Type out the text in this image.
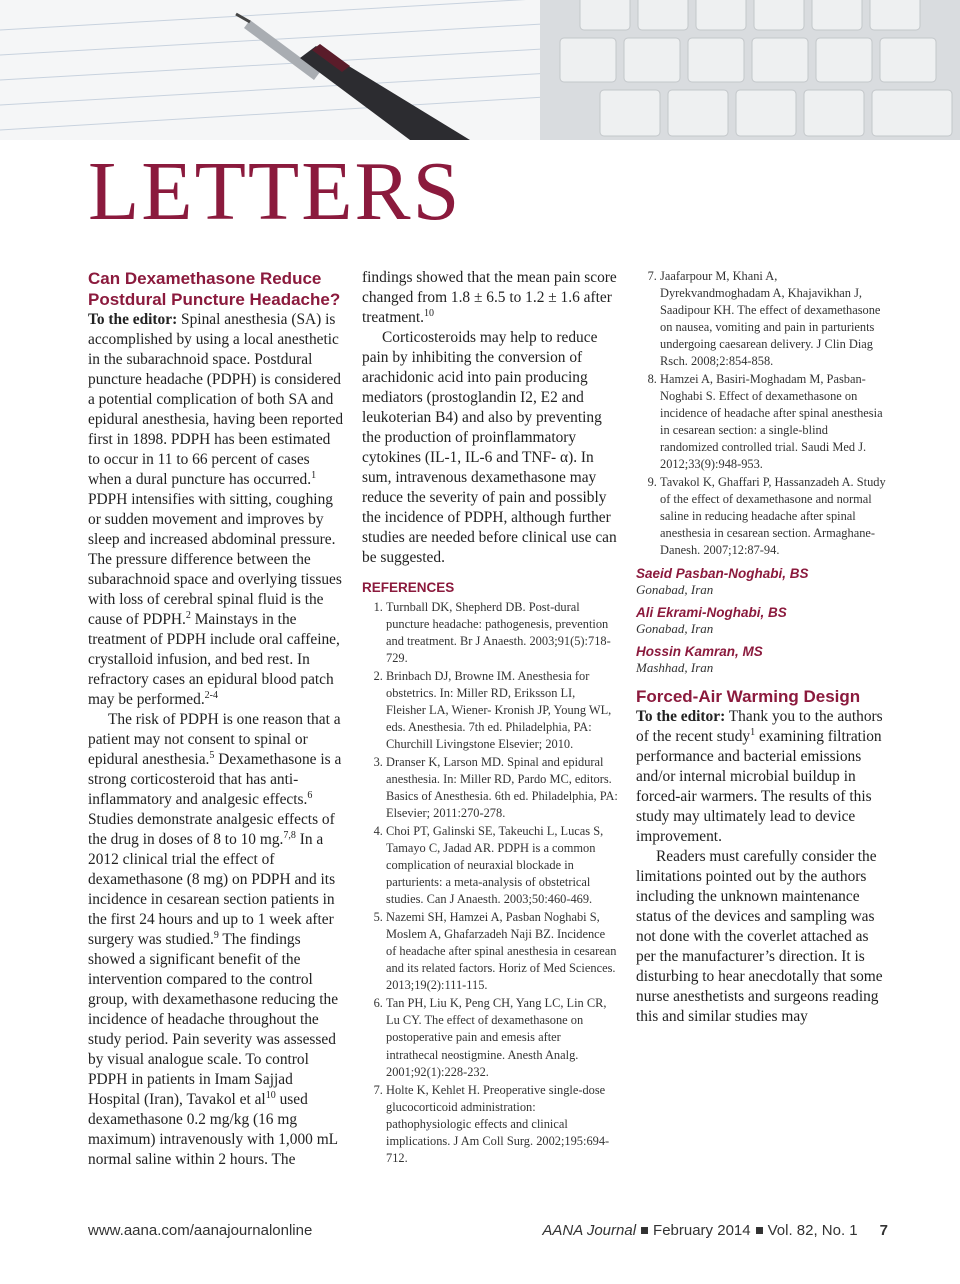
LETTERS
Can Dexamethasone Reduce Postdural Puncture Headache?

To the editor: Spinal anesthesia (SA) is accomplished by using a local anesthetic in the subarachnoid space. Postdural puncture headache (PDPH) is considered a potential complication of both SA and epidural anesthesia, having been reported first in 1898. PDPH has been estimated to occur in 11 to 66 percent of cases when a dural puncture has occurred.$^1$ PDPH intensifies with sitting, coughing or sudden movement and improves by sleep and increased abdominal pressure. The pressure difference between the subarachnoid space and overlying tissues with loss of cerebral spinal fluid is the cause of PDPH.$^2$ Mainstays in the treatment of PDPH include oral caffeine, crystalloid infusion, and bed rest. In refractory cases an epidural blood patch may be performed.$^{2-4}$

The risk of PDPH is one reason that a patient may not consent to spinal or epidural anesthesia.$^5$ Dexamethasone is a strong corticosteroid that has anti-inflammatory and analgesic effects.$^6$ Studies demonstrate analgesic effects of the drug in doses of 8 to 10 mg.$^{7,8}$ In a 2012 clinical trial the effect of dexamethasone (8 mg) on PDPH and its incidence in cesarean section patients in the first 24 hours and up to 1 week after surgery was studied.$^9$ The findings showed a significant benefit of the intervention compared to the control group, with dexamethasone reducing the incidence of headache throughout the study period. Pain severity was assessed by visual analogue scale. To control PDPH in patients in Imam Sajjad Hospital (Iran), Tavakol et $al^{10}$ used dexamethasone 0.2 mg/kg (16 mg maximum) intravenously with 1,000 mL normal saline within 2 hours. The

findings showed that the mean pain score changed from 1.8 ± 6.5 to 1.2 ± 1.6 after treatment.$^{10}$

Corticosteroids may help to reduce pain by inhibiting the conversion of arachidonic acid into pain producing mediators (prostoglandin I2, E2 and leukoterian B4) and also by preventing the production of proinflammatory cytokines (IL-1, IL-6 and TNF- α). In sum, intravenous dexamethasone may reduce the severity of pain and possibly the incidence of PDPH, although further studies are needed before clinical use can be suggested.

REFERENCES
1. Turnball DK, Shepherd DB. Post-dural puncture headache: pathogenesis, prevention and treatment. Br J Anaesth. 2003;91(5):718-729.
2. Brinbach DJ, Browne IM. Anesthesia for obstetrics. In: Miller RD, Eriksson LI, Fleisher LA, Wiener- Kronish JP, Young WL, eds. Anesthesia. 7th ed. Philadelphia, PA: Churchill Livingstone Elsevier; 2010.
3. Dranser K, Larson MD. Spinal and epidural anesthesia. In: Miller RD, Pardo MC, editors. Basics of Anesthesia. 6th ed. Philadelphia, PA: Elsevier; 2011:270-278.
4. Choi PT, Galinski SE, Takeuchi L, Lucas S, Tamayo C, Jadad AR. PDPH is a common complication of neuraxial blockade in parturients: a meta-analysis of obstetrical studies. Can J Anaesth. 2003;50:460-469.
5. Nazemi SH, Hamzei A, Pasban Noghabi S, Moslem A, Ghafarzadeh Naji BZ. Incidence of headache after spinal anesthesia in cesarean and its related factors. Horiz of Med Sciences. 2013;19(2):111-115.
6. Tan PH, Liu K, Peng CH, Yang LC, Lin CR, Lu CY. The effect of dexamethasone on postoperative pain and emesis after
intrathecal neostigmine. Anesth Analg. 2001;92(1):228-232.
7. Holte K, Kehlet H. Preoperative single-dose glucocorticoid administration: pathophysiologic effects and clinical implications. J Am Coll Surg. 2002;195:694-712.
7. Jaafarpour M, Khani A, Dyrekvandmoghadam A, Khajavikhan J, Saadipour KH. The effect of dexamethasone on nausea, vomiting and pain in parturients undergoing caesarean delivery. J Clin Diag Rsch. 2008;2:854-858.
8. Hamzei A, Basiri-Moghadam M, Pasban-Noghabi S. Effect of dexamethasone on incidence of headache after spinal anesthesia in cesarean section: a single-blind randomized controlled trial. Saudi Med J. 2012;33(9):948-953.
9. Tavakol K, Ghaffari P, Hassanzadeh A. Study of the effect of dexamethasone and normal saline in reducing headache after spinal anesthesia in cesarean section. Armaghane-Danesh. 2007;12:87-94.
Saeid Pasban-Noghabi, BS
Gonabad, Iran
Ali Ekrami-Noghabi, BS
Gonabad, Iran
Hossin Kamran, MS
Mashhad, Iran
Forced-Air Warming Design

To the editor: Thank you to the authors of the recent study$^1$ examining filtration performance and bacterial emissions and/or internal microbial buildup in forced-air warmers. The results of this study may ultimately lead to device improvement.

Readers must carefully consider the limitations pointed out by the authors including the unknown maintenance status of the devices and sampling was not done with the coverlet attached as per the manufacturer’s direction. It is disturbing to hear anecdotally that some nurse anesthetists and surgeons reading this and similar studies may

www.aana.com/aanajournalonline	AANA Journal February 2014 Vol. 82, No. 1 7
